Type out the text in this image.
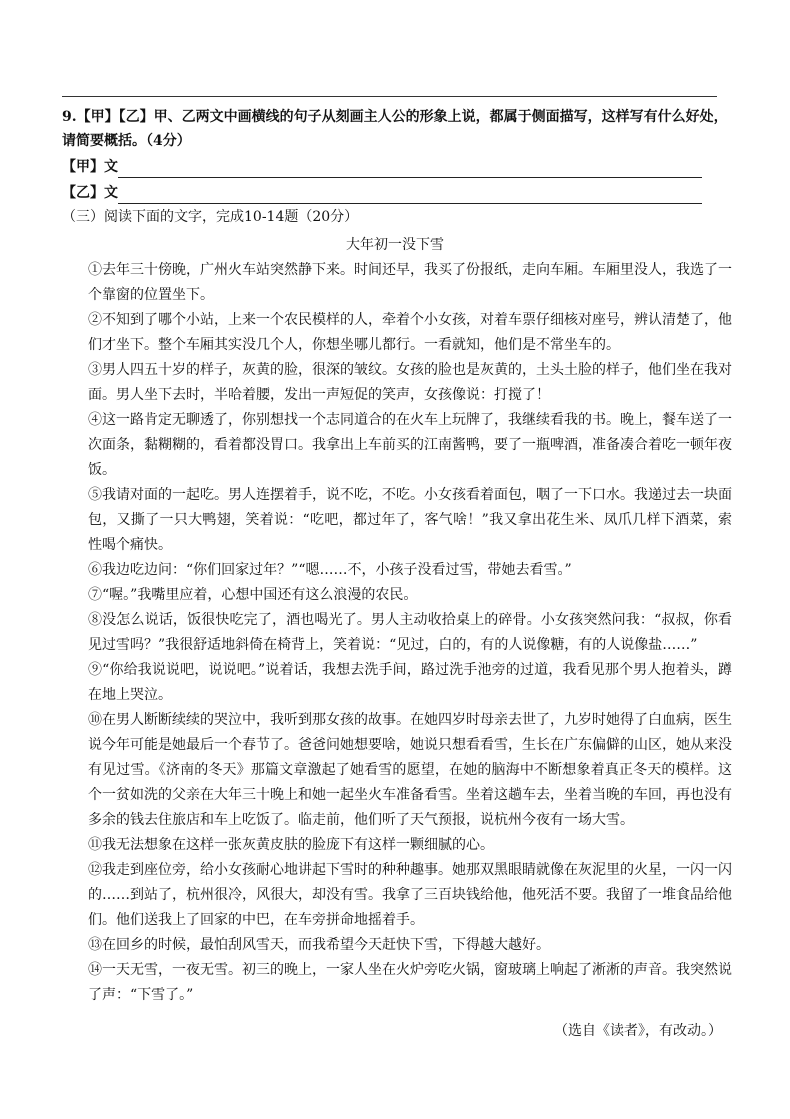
9.【甲】【乙】甲、乙两文中画横线的句子从刻画主人公的形象上说，都属于侧面描写，这样写有什么好处，
请简要概括。（4分）
【甲】文
【乙】文
（三）阅读下面的文字，完成10-14题（20分）
大年初一没下雪

①去年三十傍晚，广州火车站突然静下来。时间还早，我买了份报纸，走向车厢。车厢里没人，我选了一个靠窗的位置坐下。

②不知到了哪个小站，上来一个农民模样的人，牵着个小女孩，对着车票仔细核对座号，辨认清楚了，他们才坐下。整个车厢其实没几个人，你想坐哪儿都行。一看就知，他们是不常坐车的。

③男人四五十岁的样子，灰黄的脸，很深的皱纹。女孩的脸也是灰黄的，土头土脸的样子，他们坐在我对面。男人坐下去时，半哈着腰，发出一声短促的笑声，女孩像说：打搅了！

④这一路肯定无聊透了，你别想找一个志同道合的在火车上玩牌了，我继续看我的书。晚上，餐车送了一次面条，黏糊糊的，看着都没胃口。我拿出上车前买的江南酱鸭，要了一瓶啤酒，准备凑合着吃一顿年夜饭。

⑤我请对面的一起吃。男人连摆着手，说不吃，不吃。小女孩看着面包，咽了一下口水。我递过去一块面包，又撕了一只大鸭翅，笑着说：“吃吧，都过年了，客气啥！”我又拿出花生米、凤爪几样下酒菜，索性喝个痛快。

⑥我边吃边问：“你们回家过年？”“嗯……不，小孩子没看过雪，带她去看雪。”

⑦“喔。”我嘴里应着，心想中国还有这么浪漫的农民。

⑧没怎么说话，饭很快吃完了，酒也喝光了。男人主动收拾桌上的碎骨。小女孩突然问我：“叔叔，你看见过雪吗？”我很舒适地斜倚在椅背上，笑着说：“见过，白的，有的人说像糖，有的人说像盐……”

⑨“你给我说说吧，说说吧。”说着话，我想去洗手间，路过洗手池旁的过道，我看见那个男人抱着头，蹲在地上哭泣。

⑩在男人断断续续的哭泣中，我听到那女孩的故事。在她四岁时母亲去世了，九岁时她得了白血病，医生说今年可能是她最后一个春节了。爸爸问她想要啥，她说只想看看雪，生长在广东偏僻的山区，她从来没有见过雪。《济南的冬天》那篇文章激起了她看雪的愿望，在她的脑海中不断想象着真正冬天的模样。这个一贫如洗的父亲在大年三十晚上和她一起坐火车准备看雪。坐着这趟车去，坐着当晚的车回，再也没有多余的钱去住旅店和车上吃饭了。临走前，他们听了天气预报，说杭州今夜有一场大雪。

⑪我无法想象在这样一张灰黄皮肤的脸庞下有这样一颗细腻的心。

⑫我走到座位旁，给小女孩耐心地讲起下雪时的种种趣事。她那双黑眼睛就像在灰泥里的火星，一闪一闪的……到站了，杭州很冷，风很大，却没有雪。我拿了三百块钱给他，他死活不要。我留了一堆食品给他们。他们送我上了回家的中巴，在车旁拼命地摇着手。

⑬在回乡的时候，最怕刮风雪天，而我希望今天赶快下雪，下得越大越好。

⑭一天无雪，一夜无雪。初三的晚上，一家人坐在火炉旁吃火锅，窗玻璃上响起了淅淅的声音。我突然说了声：“下雪了。”

（选自《读者》，有改动。）
